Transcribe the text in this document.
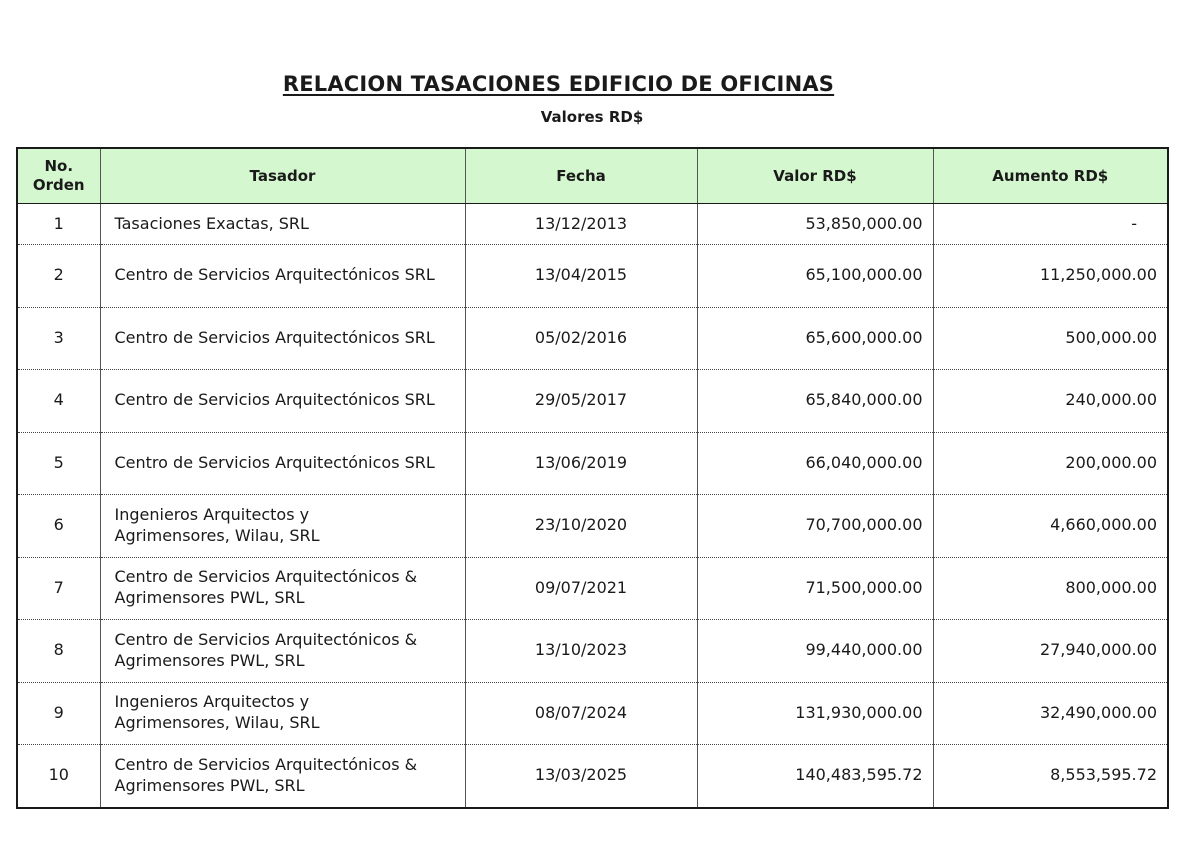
RELACION TASACIONES EDIFICIO DE OFICINAS
Valores RD$
No. Orden	Tasador	Fecha	Valor RD$	Aumento RD$
1	Tasaciones Exactas, SRL	13/12/2013	53,850,000.00	-
2	Centro de Servicios Arquitectónicos SRL	13/04/2015	65,100,000.00	11,250,000.00
3	Centro de Servicios Arquitectónicos SRL	05/02/2016	65,600,000.00	500,000.00
4	Centro de Servicios Arquitectónicos SRL	29/05/2017	65,840,000.00	240,000.00
5	Centro de Servicios Arquitectónicos SRL	13/06/2019	66,040,000.00	200,000.00
6	Ingenieros Arquitectos y Agrimensores, Wilau, SRL	23/10/2020	70,700,000.00	4,660,000.00
7	Centro de Servicios Arquitectónicos & Agrimensores PWL, SRL	09/07/2021	71,500,000.00	800,000.00
8	Centro de Servicios Arquitectónicos & Agrimensores PWL, SRL	13/10/2023	99,440,000.00	27,940,000.00
9	Ingenieros Arquitectos y Agrimensores, Wilau, SRL	08/07/2024	131,930,000.00	32,490,000.00
10	Centro de Servicios Arquitectónicos & Agrimensores PWL, SRL	13/03/2025	140,483,595.72	8,553,595.72
